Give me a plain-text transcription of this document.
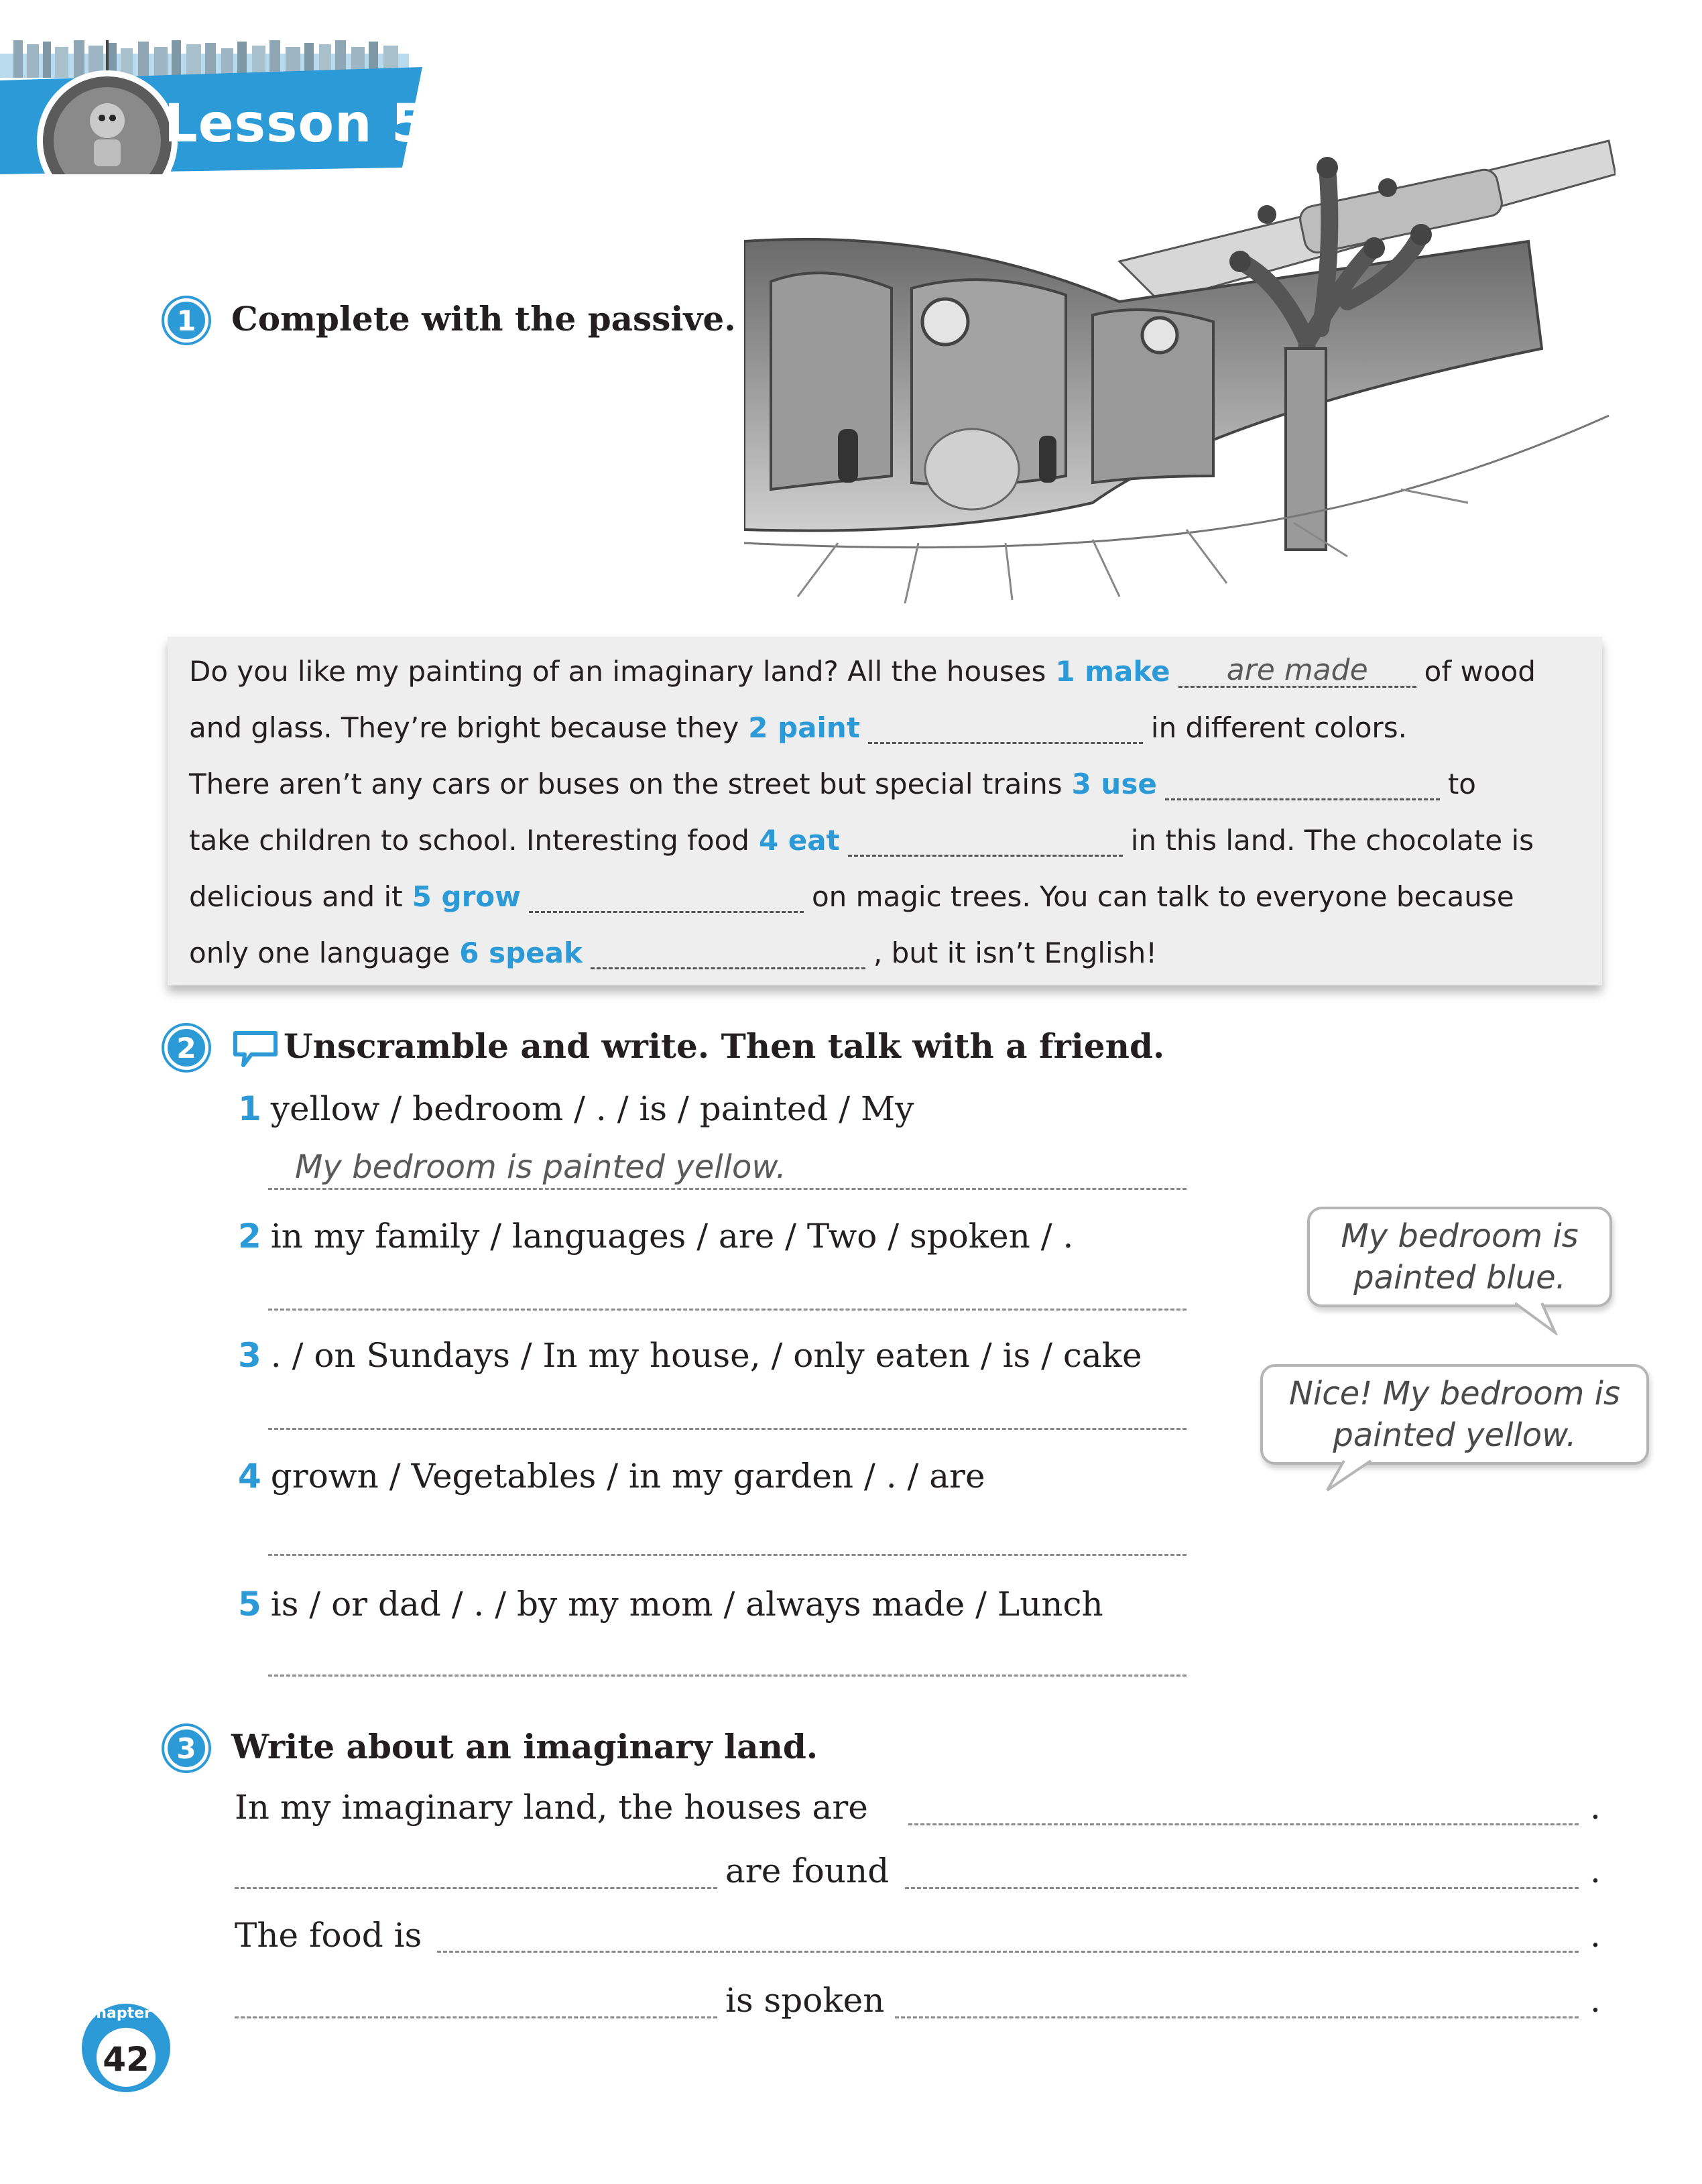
Lesson 5
1	Complete with the passive.
Do you like my painting of an imaginary land? All the houses 1 make are made of wood
and glass. They’re bright because they 2 paint	in different colors.
There aren’t any cars or buses on the street but special trains 3 use	to
take children to school. Interesting food 4 eat	in this land. The chocolate is
delicious and it 5 grow	on magic trees. You can talk to everyone because
only one language 6 speak	, but it isn’t English!
2	Unscramble and write. Then talk with a friend.
1 yellow / bedroom / . / is / painted / My
My bedroom is painted yellow.
2 in my family / languages / are / Two / spoken / .
3 . / on Sundays / In my house, / only eaten / is / cake
4 grown / Vegetables / in my garden / . / are
5 is / or dad / . / by my mom / always made / Lunch
My bedroom is
painted blue.
Nice! My bedroom is
painted yellow.
3	Write about an imaginary land.
In my imaginary land, the houses are	.
are found	.
The food is	.
is spoken	.
Chapter 5
42
